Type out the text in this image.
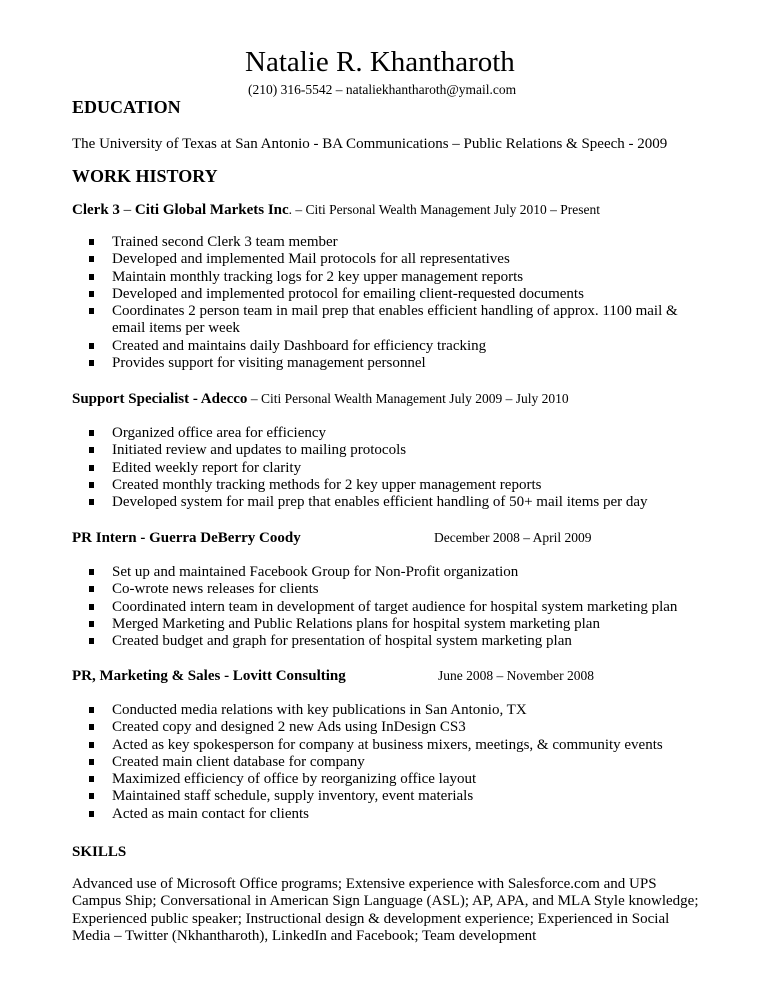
Natalie R. Khantharoth
(210) 316-5542 – nataliekhantharoth@ymail.com
EDUCATION
The University of Texas at San Antonio - BA Communications – Public Relations & Speech - 2009
WORK HISTORY
Clerk 3 – Citi Global Markets Inc. – Citi Personal Wealth Management July 2010 – Present
Trained second Clerk 3 team member
Developed and implemented Mail protocols for all representatives
Maintain monthly tracking logs for 2 key upper management reports
Developed and implemented protocol for emailing client-requested documents
Coordinates 2 person team in mail prep that enables efficient handling of approx. 1100 mail & email items per week
Created and maintains daily Dashboard for efficiency tracking
Provides support for visiting management personnel
Support Specialist - Adecco – Citi Personal Wealth Management July 2009 – July 2010
Organized office area for efficiency
Initiated review and updates to mailing protocols
Edited weekly report for clarity
Created monthly tracking methods for 2 key upper management reports
Developed system for mail prep that enables efficient handling of 50+ mail items per day
PR Intern - Guerra DeBerry Coody	December 2008 – April 2009
Set up and maintained Facebook Group for Non-Profit organization
Co-wrote news releases for clients
Coordinated intern team in development of target audience for hospital system marketing plan
Merged Marketing and Public Relations plans for hospital system marketing plan
Created budget and graph for presentation of hospital system marketing plan
PR, Marketing & Sales - Lovitt Consulting	June 2008 – November 2008
Conducted media relations with key publications in San Antonio, TX
Created copy and designed 2 new Ads using InDesign CS3
Acted as key spokesperson for company at business mixers, meetings, & community events
Created main client database for company
Maximized efficiency of office by reorganizing office layout
Maintained staff schedule, supply inventory, event materials
Acted as main contact for clients
SKILLS
Advanced use of Microsoft Office programs; Extensive experience with Salesforce.com and UPS Campus Ship; Conversational in American Sign Language (ASL); AP, APA, and MLA Style knowledge; Experienced public speaker; Instructional design & development experience; Experienced in Social Media – Twitter (Nkhantharoth), LinkedIn and Facebook; Team development
